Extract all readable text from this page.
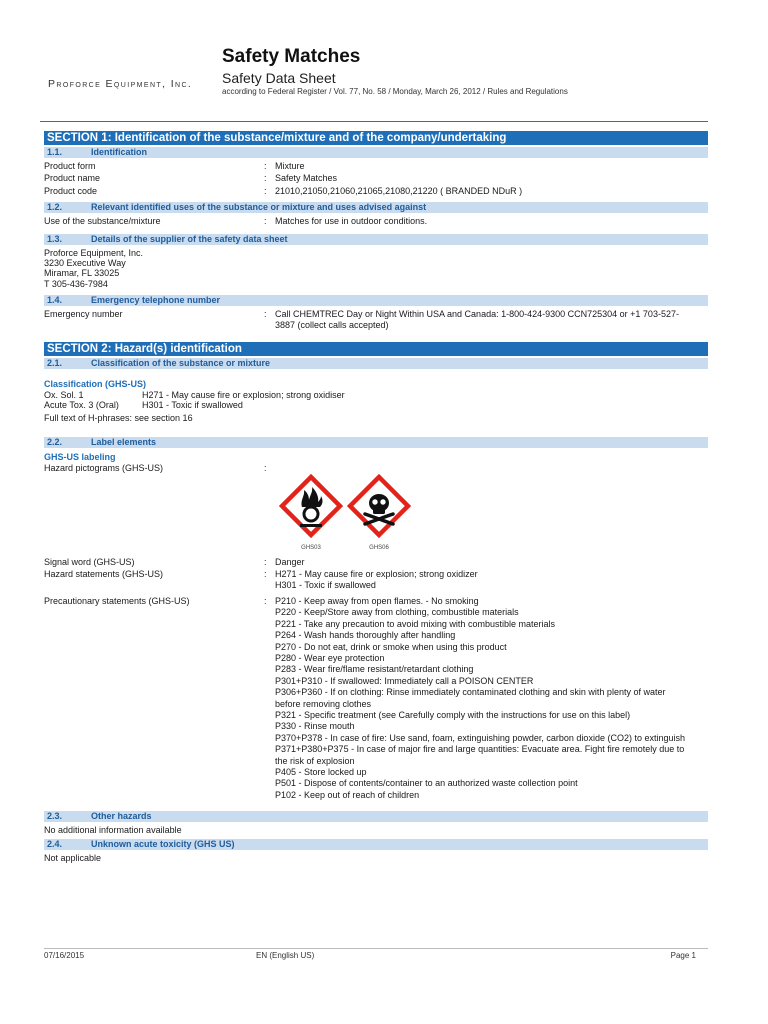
Proforce Equipment, Inc.
Safety Matches
Safety Data Sheet
according to Federal Register / Vol. 77, No. 58 / Monday, March 26, 2012 / Rules and Regulations
SECTION 1: Identification of the substance/mixture and of the company/undertaking
1.1.	Identification
Product form	: Mixture
Product name	: Safety Matches
Product code	: 21010,21050,21060,21065,21080,21220 ( BRANDED NDuR )
1.2.	Relevant identified uses of the substance or mixture and uses advised against
Use of the substance/mixture	: Matches for use in outdoor conditions.
1.3.	Details of the supplier of the safety data sheet
Proforce Equipment, Inc.
3230 Executive Way
Miramar, FL 33025
T 305-436-7984
1.4.	Emergency telephone number
Emergency number	: Call CHEMTREC Day or Night Within USA and Canada: 1-800-424-9300 CCN725304 or +1 703-527-3887 (collect calls accepted)
SECTION 2: Hazard(s) identification
2.1.	Classification of the substance or mixture
Classification (GHS-US)
Ox. Sol. 1	H271 - May cause fire or explosion; strong oxidiser
Acute Tox. 3 (Oral)	H301 - Toxic if swallowed
Full text of H-phrases: see section 16
2.2.	Label elements
GHS-US labeling
Hazard pictograms (GHS-US)	:
GHS03	GHS06
Signal word (GHS-US)	: Danger
Hazard statements (GHS-US)	: H271 - May cause fire or explosion; strong oxidizer
H301 - Toxic if swallowed
Precautionary statements (GHS-US)	: P210 - Keep away from open flames. - No smoking
P220 - Keep/Store away from clothing, combustible materials
P221 - Take any precaution to avoid mixing with combustible materials
P264 - Wash hands thoroughly after handling
P270 - Do not eat, drink or smoke when using this product
P280 - Wear eye protection
P283 - Wear fire/flame resistant/retardant clothing
P301+P310 - If swallowed: Immediately call a POISON CENTER
P306+P360 - If on clothing: Rinse immediately contaminated clothing and skin with plenty of water before removing clothes
P321 - Specific treatment (see Carefully comply with the instructions for use on this label)
P330 - Rinse mouth
P370+P378 - In case of fire: Use sand, foam, extinguishing powder, carbon dioxide (CO2) to extinguish
P371+P380+P375 - In case of major fire and large quantities: Evacuate area. Fight fire remotely due to the risk of explosion
P405 - Store locked up
P501 - Dispose of contents/container to an authorized waste collection point
P102 - Keep out of reach of children
2.3.	Other hazards
No additional information available
2.4.	Unknown acute toxicity (GHS US)
Not applicable
07/16/2015	EN (English US)	Page 1
